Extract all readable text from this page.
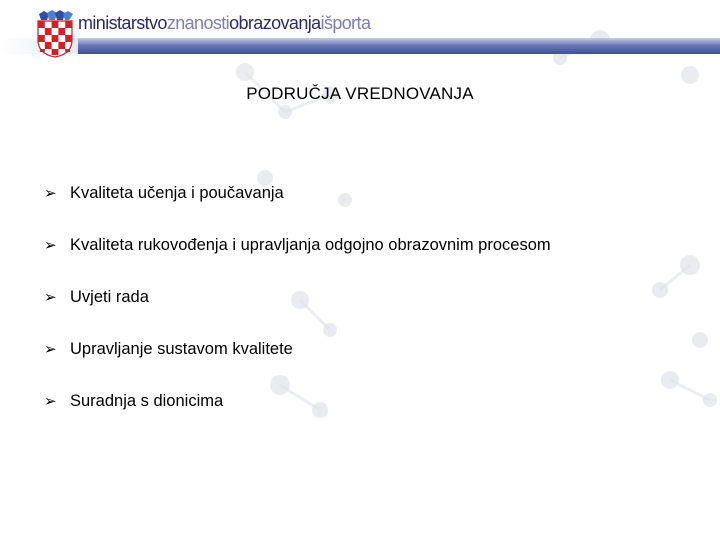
ministarstvoznanostiobrazovanjaišporta
PODRUČJA VREDNOVANJA
➢ Kvaliteta učenja i poučavanja
➢ Kvaliteta rukovođenja i upravljanja odgojno obrazovnim procesom
➢ Uvjeti rada
➢ Upravljanje sustavom kvalitete
➢ Suradnja s dionicima
